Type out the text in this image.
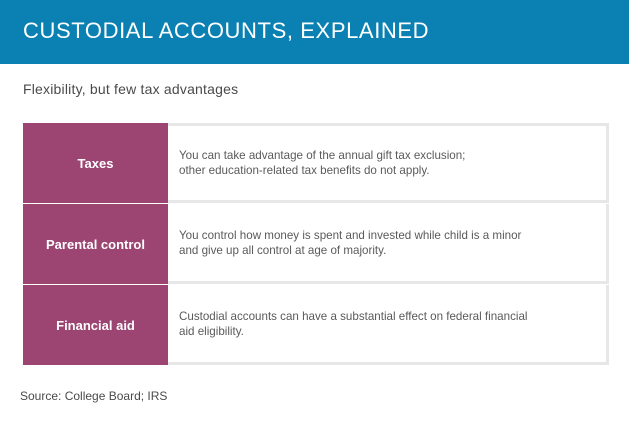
CUSTODIAL ACCOUNTS, EXPLAINED
Flexibility, but few tax advantages
Taxes	You can take advantage of the annual gift tax exclusion;
other education-related tax benefits do not apply.
Parental control
You control how money is spent and invested while child is a minor
and give up all control at age of majority.
Financial aid
Custodial accounts can have a substantial effect on federal financial
aid eligibility.
Source: College Board; IRS
